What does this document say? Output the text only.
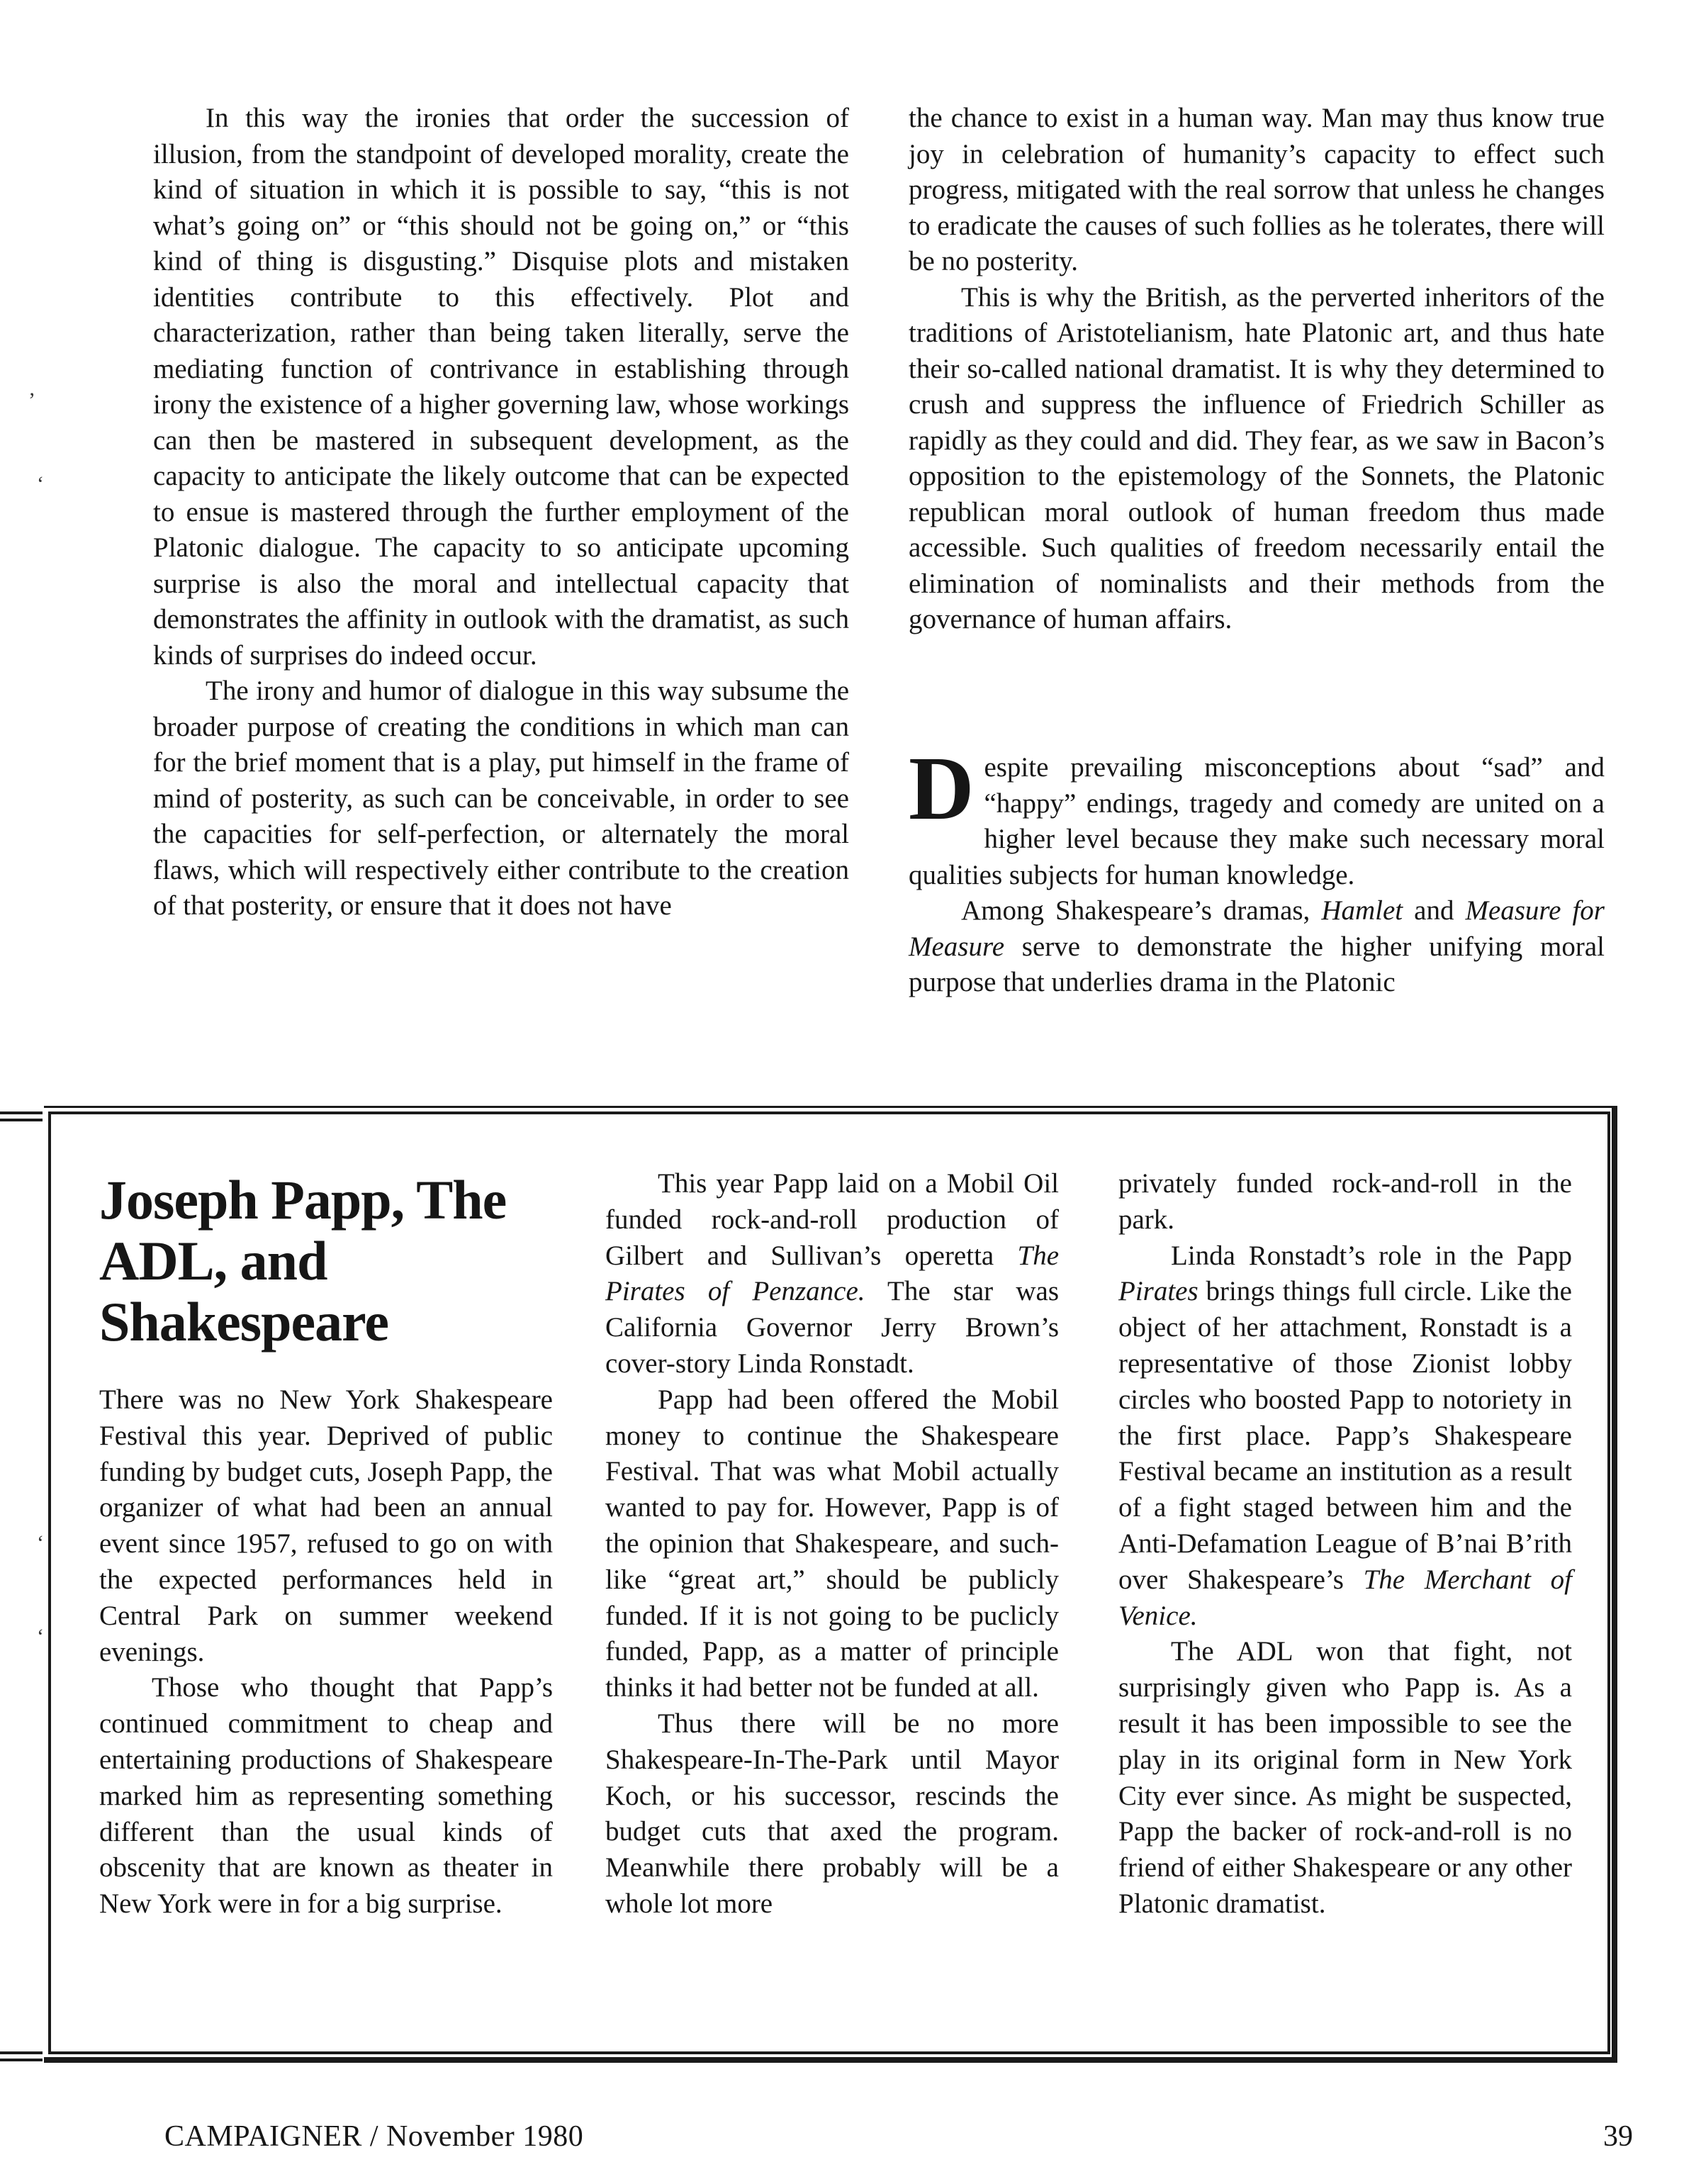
In this way the ironies that order the succession of illusion, from the standpoint of developed morality, create the kind of situation in which it is possible to say, “this is not what’s going on” or “this should not be going on,” or “this kind of thing is disgusting.” Disquise plots and mistaken identities contribute to this effectively. Plot and characterization, rather than being taken literally, serve the mediating function of contrivance in establishing through irony the existence of a higher governing law, whose workings can then be mastered in subsequent development, as the capacity to anticipate the likely outcome that can be expected to ensue is mastered through the further employment of the Platonic dialogue. The capacity to so anticipate upcoming surprise is also the moral and intellectual capacity that demonstrates the affinity in outlook with the dramatist, as such kinds of surprises do indeed occur.

The irony and humor of dialogue in this way subsume the broader purpose of creating the conditions in which man can for the brief moment that is a play, put himself in the frame of mind of posterity, as such can be conceivable, in order to see the capacities for self-perfection, or alternately the moral flaws, which will respectively either contribute to the creation of that posterity, or ensure that it does not have

the chance to exist in a human way. Man may thus know true joy in celebration of humanity’s capacity to effect such progress, mitigated with the real sorrow that unless he changes to eradicate the causes of such follies as he tolerates, there will be no posterity.

This is why the British, as the perverted inheritors of the traditions of Aristotelianism, hate Platonic art, and thus hate their so-called national dramatist. It is why they determined to crush and suppress the influence of Friedrich Schiller as rapidly as they could and did. They fear, as we saw in Bacon’s opposition to the epistemology of the Sonnets, the Platonic republican moral outlook of human freedom thus made accessible. Such qualities of freedom necessarily entail the elimination of nominalists and their methods from the governance of human affairs.

Despite prevailing misconceptions about “sad” and “happy” endings, tragedy and comedy are united on a higher level because they make such necessary moral qualities subjects for human knowledge.

Among Shakespeare’s dramas, Hamlet and Measure for Measure serve to demonstrate the higher unifying moral purpose that underlies drama in the Platonic

Joseph Papp, The ADL, and Shakespeare

There was no New York Shakespeare Festival this year. Deprived of public funding by budget cuts, Joseph Papp, the organizer of what had been an annual event since 1957, refused to go on with the expected performances held in Central Park on summer weekend evenings.

Those who thought that Papp’s continued commitment to cheap and entertaining productions of Shakespeare marked him as representing something different than the usual kinds of obscenity that are known as theater in New York were in for a big surprise.

This year Papp laid on a Mobil Oil funded rock-and-roll production of Gilbert and Sullivan’s operetta The Pirates of Penzance. The star was California Governor Jerry Brown’s cover-story Linda Ronstadt.

Papp had been offered the Mobil money to continue the Shakespeare Festival. That was what Mobil actually wanted to pay for. However, Papp is of the opinion that Shakespeare, and such-like “great art,” should be publicly funded. If it is not going to be puclicly funded, Papp, as a matter of principle thinks it had better not be funded at all.

Thus there will be no more Shakespeare-In-The-Park until Mayor Koch, or his successor, rescinds the budget cuts that axed the program. Meanwhile there probably will be a whole lot more

privately funded rock-and-roll in the park.

Linda Ronstadt’s role in the Papp Pirates brings things full circle. Like the object of her attachment, Ronstadt is a representative of those Zionist lobby circles who boosted Papp to notoriety in the first place. Papp’s Shakespeare Festival became an institution as a result of a fight staged between him and the Anti-Defamation League of B’nai B’rith over Shakespeare’s The Merchant of Venice.

The ADL won that fight, not surprisingly given who Papp is. As a result it has been impossible to see the play in its original form in New York City ever since. As might be suspected, Papp the backer of rock-and-roll is no friend of either Shakespeare or any other Platonic dramatist.

CAMPAIGNER / November 1980	39
’
‘
‘
‘
